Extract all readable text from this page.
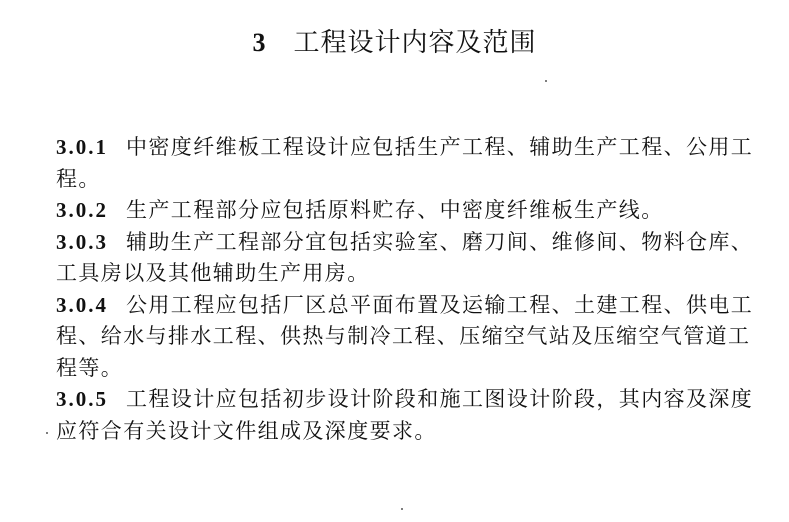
3 工程设计内容及范围

3.0.1 中密度纤维板工程设计应包括生产工程、辅助生产工程、公用工程。

3.0.2 生产工程部分应包括原料贮存、中密度纤维板生产线。

3.0.3 辅助生产工程部分宜包括实验室、磨刀间、维修间、物料仓库、工具房以及其他辅助生产用房。

3.0.4 公用工程应包括厂区总平面布置及运输工程、土建工程、供电工程、给水与排水工程、供热与制冷工程、压缩空气站及压缩空气管道工程等。

3.0.5 工程设计应包括初步设计阶段和施工图设计阶段，其内容及深度应符合有关设计文件组成及深度要求。
